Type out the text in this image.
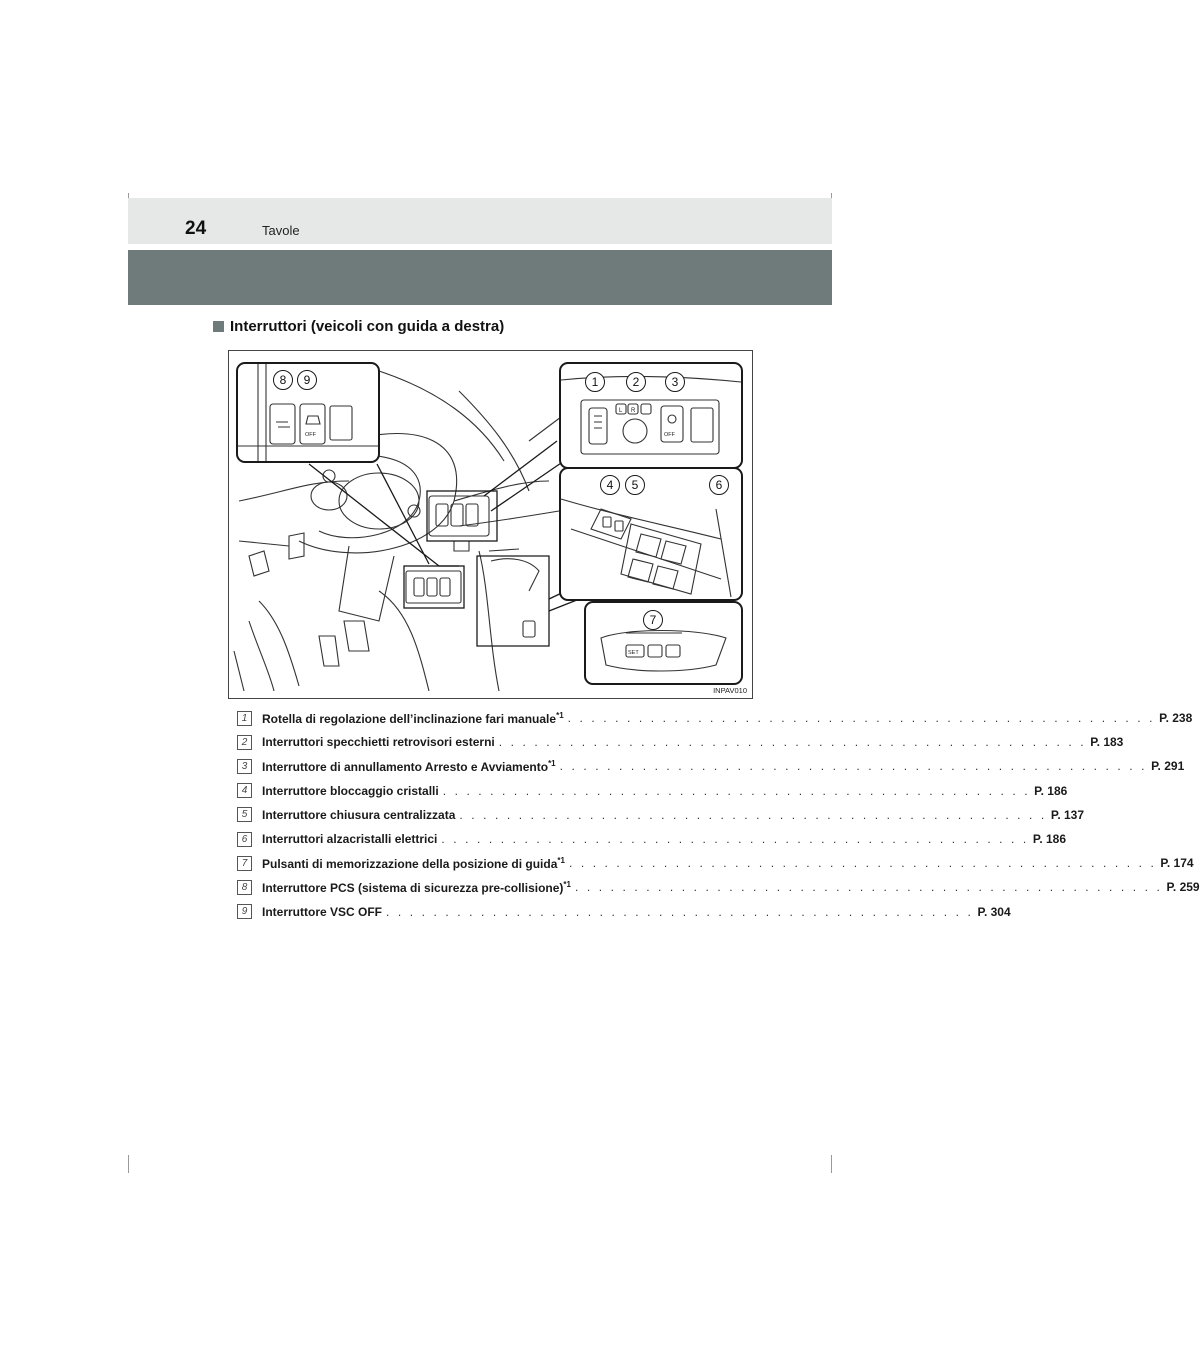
24	Tavole
Interruttori (veicoli con guida a destra)
OFF
8	9
L R
OFF
1	2	3
4	5	6
SET
7
INPAV010
1	Rotella di regolazione dell’inclinazione fari manuale$^{*1}$ . . . . . . . . . . . . . . . . . . . . . . . . . . . . . . . . . . . . . . . . . . . . . . . . . . P. 238
2	Interruttori specchietti retrovisori esterni . . . . . . . . . . . . . . . . . . . . . . . . . . . . . . . . . . . . . . . . . . . . . . . . . . P. 183
3	Interruttore di annullamento Arresto e Avviamento$^{*1}$ . . . . . . . . . . . . . . . . . . . . . . . . . . . . . . . . . . . . . . . . . . . . . . . . . . P. 291
4	Interruttore bloccaggio cristalli . . . . . . . . . . . . . . . . . . . . . . . . . . . . . . . . . . . . . . . . . . . . . . . . . . P. 186
5	Interruttore chiusura centralizzata . . . . . . . . . . . . . . . . . . . . . . . . . . . . . . . . . . . . . . . . . . . . . . . . . . P. 137
6	Interruttori alzacristalli elettrici . . . . . . . . . . . . . . . . . . . . . . . . . . . . . . . . . . . . . . . . . . . . . . . . . . P. 186
7	Pulsanti di memorizzazione della posizione di guida$^{*1}$ . . . . . . . . . . . . . . . . . . . . . . . . . . . . . . . . . . . . . . . . . . . . . . . . . . P. 174
8	Interruttore PCS (sistema di sicurezza pre-collisione)$^{*1}$ . . . . . . . . . . . . . . . . . . . . . . . . . . . . . . . . . . . . . . . . . . . . . . . . . . P. 259
9	Interruttore VSC OFF . . . . . . . . . . . . . . . . . . . . . . . . . . . . . . . . . . . . . . . . . . . . . . . . . . P. 304
